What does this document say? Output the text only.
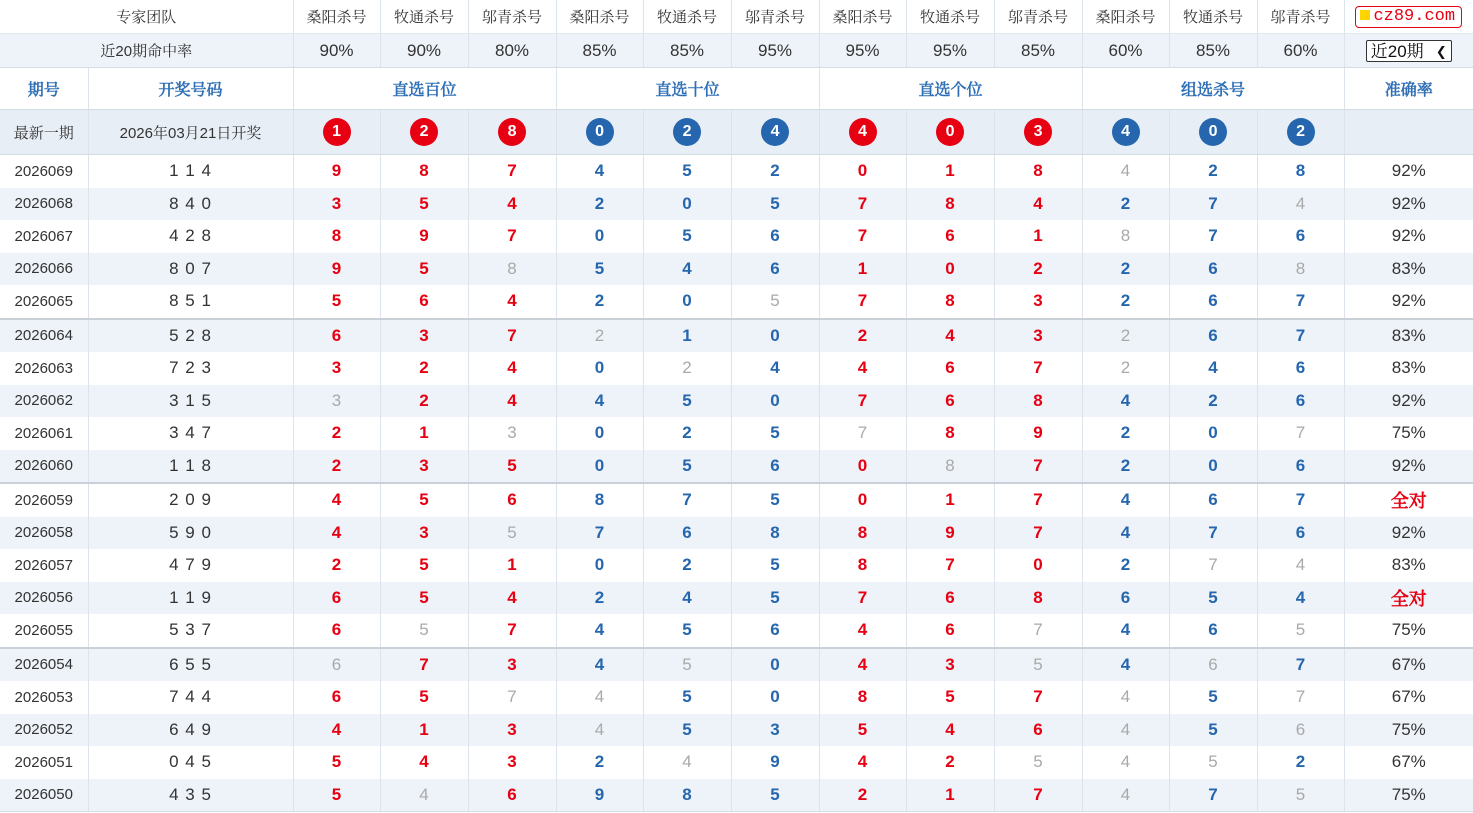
专家团队		桑阳杀号	牧通杀号	邬青杀号	桑阳杀号	牧通杀号	邬青杀号	桑阳杀号	牧通杀号	邬青杀号	桑阳杀号	牧通杀号	邬青杀号	cz89.com
近20期命中率		90%	90%	80%	85%	85%	95%	95%	95%	85%	60%	85%	60%	近20期 ❮

期号	开奖号码	直选百位			直选十位			直选个位			组选杀号			准确率
最新一期	2026年03月21日开奖	1	2	8	0	2	4	4	0	3	4	0	2	
2026069	1 1 4	9	8	7	4	5	2	0	1	8	4	2	8	92%
2026068	8 4 0	3	5	4	2	0	5	7	8	4	2	7	4	92%
2026067	4 2 8	8	9	7	0	5	6	7	6	1	8	7	6	92%
2026066	8 0 7	9	5	8	5	4	6	1	0	2	2	6	8	83%
2026065	8 5 1	5	6	4	2	0	5	7	8	3	2	6	7	92%
2026064	5 2 8	6	3	7	2	1	0	2	4	3	2	6	7	83%
2026063	7 2 3	3	2	4	0	2	4	4	6	7	2	4	6	83%
2026062	3 1 5	3	2	4	4	5	0	7	6	8	4	2	6	92%
2026061	3 4 7	2	1	3	0	2	5	7	8	9	2	0	7	75%
2026060	1 1 8	2	3	5	0	5	6	0	8	7	2	0	6	92%
2026059	2 0 9	4	5	6	8	7	5	0	1	7	4	6	7	全对
2026058	5 9 0	4	3	5	7	6	8	8	9	7	4	7	6	92%
2026057	4 7 9	2	5	1	0	2	5	8	7	0	2	7	4	83%
2026056	1 1 9	6	5	4	2	4	5	7	6	8	6	5	4	全对
2026055	5 3 7	6	5	7	4	5	6	4	6	7	4	6	5	75%
2026054	6 5 5	6	7	3	4	5	0	4	3	5	4	6	7	67%
2026053	7 4 4	6	5	7	4	5	0	8	5	7	4	5	7	67%
2026052	6 4 9	4	1	3	4	5	3	5	4	6	4	5	6	75%
2026051	0 4 5	5	4	3	2	4	9	4	2	5	4	5	2	67%
2026050	4 3 5	5	4	6	9	8	5	2	1	7	4	7	5	75%
